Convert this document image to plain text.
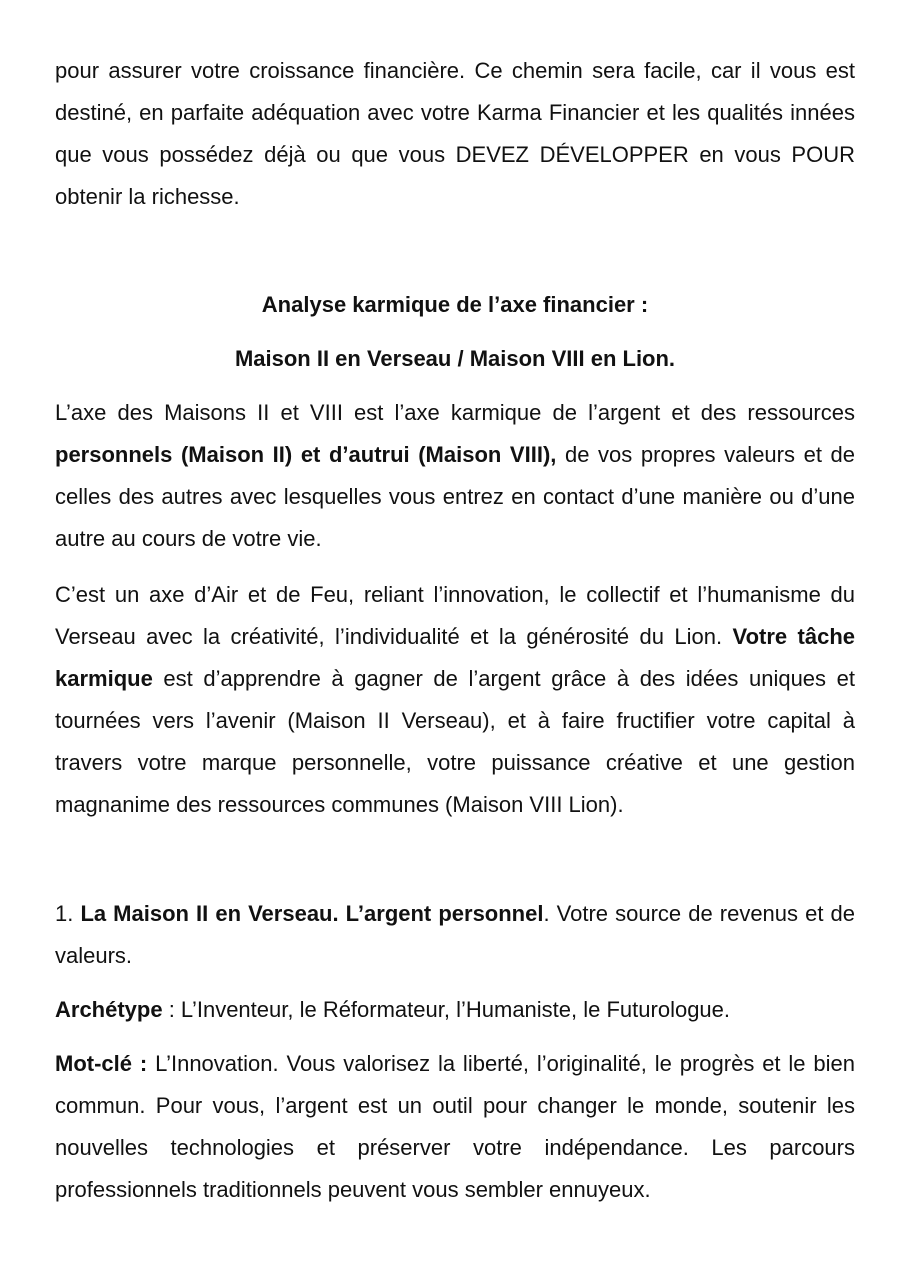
pour assurer votre croissance financière. Ce chemin sera facile, car il vous est destiné, en parfaite adéquation avec votre Karma Financier et les qualités innées que vous possédez déjà ou que vous DEVEZ DÉVELOPPER en vous POUR obtenir la richesse.

Analyse karmique de l’axe financier :

Maison II en Verseau / Maison VIII en Lion.

L’axe des Maisons II et VIII est l’axe karmique de l’argent et des ressources personnels (Maison II) et d’autrui (Maison VIII), de vos propres valeurs et de celles des autres avec lesquelles vous entrez en contact d’une manière ou d’une autre au cours de votre vie.

C’est un axe d’Air et de Feu, reliant l’innovation, le collectif et l’humanisme du Verseau avec la créativité, l’individualité et la générosité du Lion. Votre tâche karmique est d’apprendre à gagner de l’argent grâce à des idées uniques et tournées vers l’avenir (Maison II Verseau), et à faire fructifier votre capital à travers votre marque personnelle, votre puissance créative et une gestion magnanime des ressources communes (Maison VIII Lion).

1. La Maison II en Verseau. L’argent personnel. Votre source de revenus et de valeurs.

Archétype : L’Inventeur, le Réformateur, l’Humaniste, le Futurologue.

Mot-clé : L’Innovation. Vous valorisez la liberté, l’originalité, le progrès et le bien commun. Pour vous, l’argent est un outil pour changer le monde, soutenir les nouvelles technologies et préserver votre indépendance. Les parcours professionnels traditionnels peuvent vous sembler ennuyeux.
